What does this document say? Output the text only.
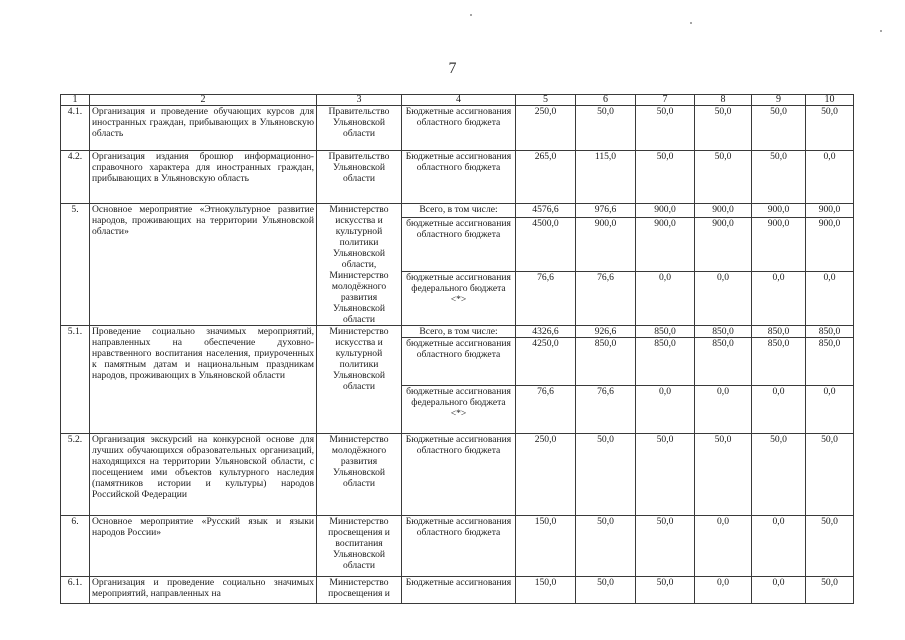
7
1	2	3	4	5	6	7	8	9	10
4.1.	Организация и проведение обучающих курсов для иностранных граждан, прибывающих в Ульяновскую область	Правительство Ульяновской области	Бюджетные ассигнования областного бюджета	250,0	50,0	50,0	50,0	50,0	50,0
4.2.	Организация издания брошюр информационно-справочного характера для иностранных граждан, прибывающих в Ульяновскую область	Правительство Ульяновской области	Бюджетные ассигнования областного бюджета	265,0	115,0	50,0	50,0	50,0	0,0
5.	Основное мероприятие «Этнокультурное развитие народов, проживающих на территории Ульяновской области»	Министерство искусства и культурной политики Ульяновской области, Министерство молодёжного развития Ульяновской области	Всего, в том числе:	4576,6	976,6	900,0	900,0	900,0	900,0
			бюджетные ассигнования областного бюджета	4500,0	900,0	900,0	900,0	900,0	900,0
			бюджетные ассигнования федерального бюджета <*>	76,6	76,6	0,0	0,0	0,0	0,0
5.1.	Проведение социально значимых мероприятий, направленных на обеспечение духовно-нравственного воспитания населения, приуроченных к памятным датам и национальным праздникам народов, проживающих в Ульяновской области	Министерство искусства и культурной политики Ульяновской области	Всего, в том числе:	4326,6	926,6	850,0	850,0	850,0	850,0
			бюджетные ассигнования областного бюджета	4250,0	850,0	850,0	850,0	850,0	850,0
			бюджетные ассигнования федерального бюджета <*>	76,6	76,6	0,0	0,0	0,0	0,0
5.2.	Организация экскурсий на конкурсной основе для лучших обучающихся образовательных организаций, находящихся на территории Ульяновской области, с посещением ими объектов культурного наследия (памятников истории и культуры) народов Российской Федерации	Министерство молодёжного развития Ульяновской области	Бюджетные ассигнования областного бюджета	250,0	50,0	50,0	50,0	50,0	50,0
6.	Основное мероприятие «Русский язык и языки народов России»	Министерство просвещения и воспитания Ульяновской области	Бюджетные ассигнования областного бюджета	150,0	50,0	50,0	0,0	0,0	50,0
6.1.	Организация и проведение социально значимых мероприятий, направленных на	Министерство просвещения и	Бюджетные ассигнования	150,0	50,0	50,0	0,0	0,0	50,0
